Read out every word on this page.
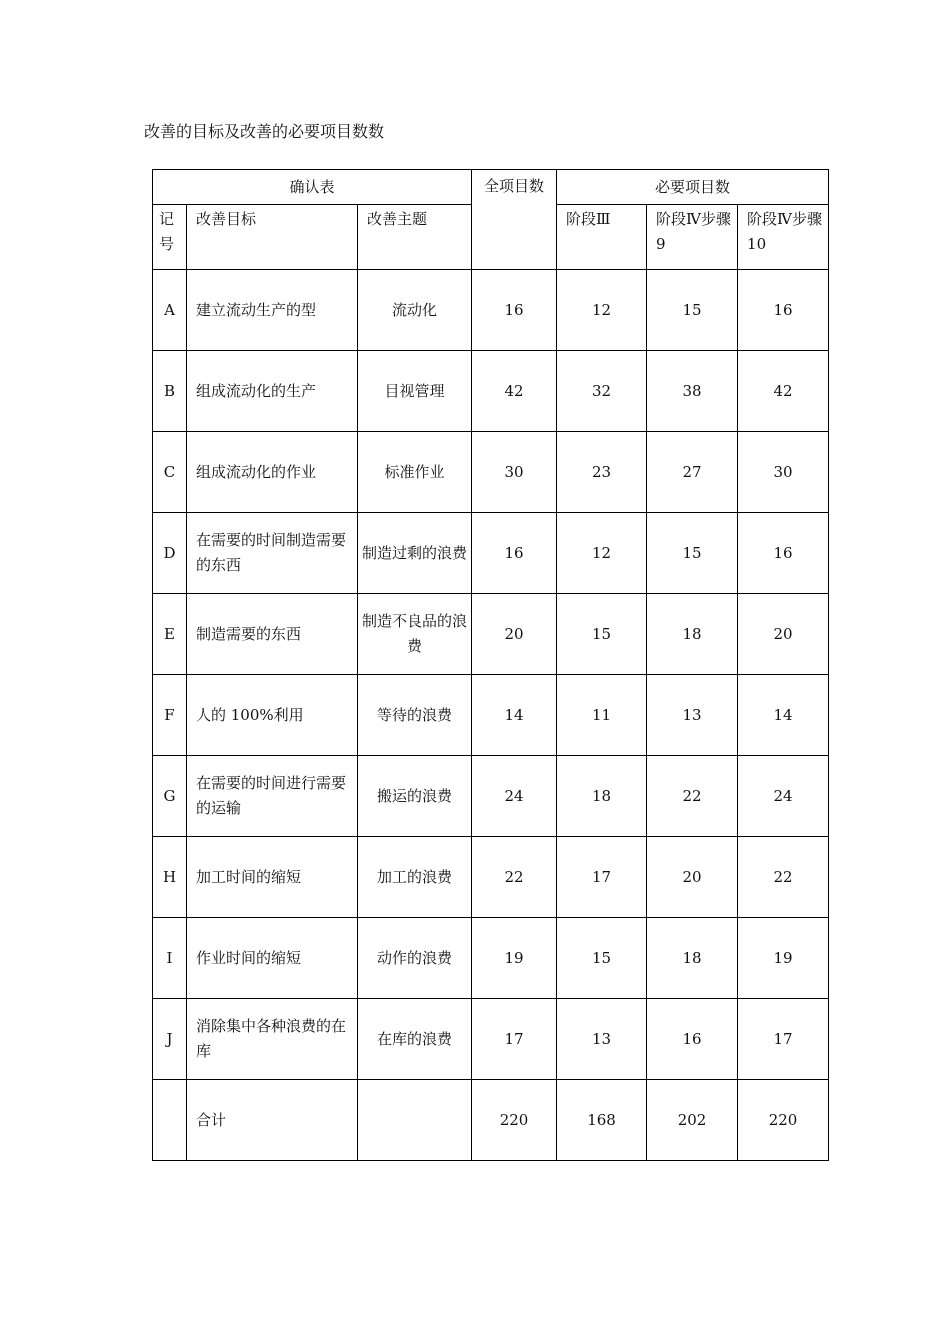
改善的目标及改善的必要项目数数
确认表			全项目数	必要项目数		

记号	改善目标	改善主题		阶段Ⅲ	阶段Ⅳ步骤 9	阶段Ⅳ步骤 10
A	建立流动生产的型	流动化	16	12	15	16
B	组成流动化的生产	目视管理	42	32	38	42
C	组成流动化的作业	标准作业	30	23	27	30
D	在需要的时间制造需要的东西	制造过剩的浪费	16	12	15	16
E	制造需要的东西	制造不良品的浪费	20	15	18	20
F	人的 100%利用	等待的浪费	14	11	13	14
G	在需要的时间进行需要的运输	搬运的浪费	24	18	22	24
H	加工时间的缩短	加工的浪费	22	17	20	22
I	作业时间的缩短	动作的浪费	19	15	18	19
J	消除集中各种浪费的在库	在库的浪费	17	13	16	17
	合计		220	168	202	220
